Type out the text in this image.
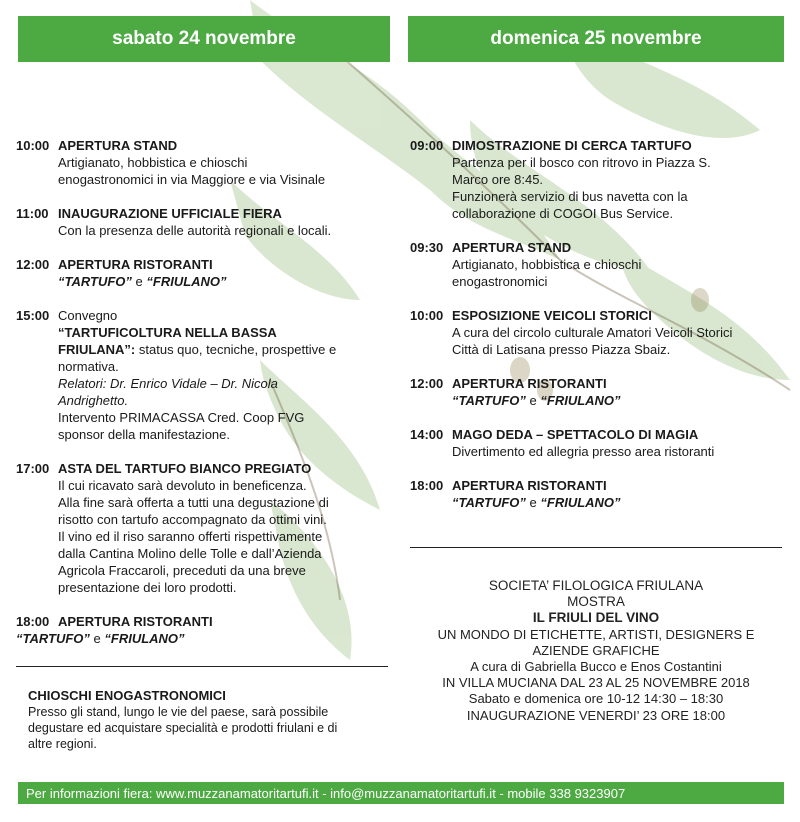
sabato 24 novembre	domenica 25 novembre
10:00 APERTURA STAND
Artigianato, hobbistica e chioschi
enogastronomici in via Maggiore e via Visinale
11:00 INAUGURAZIONE UFFICIALE FIERA
Con la presenza delle autorità regionali e locali.
12:00 APERTURA RISTORANTI
“TARTUFO” e “FRIULANO”
15:00 Convegno
“TARTUFICOLTURA NELLA BASSA
FRIULANA”: status quo, tecniche, prospettive e
normativa.
Relatori: Dr. Enrico Vidale – Dr. Nicola
Andrighetto.
Intervento PRIMACASSA Cred. Coop FVG
sponsor della manifestazione.
17:00 ASTA DEL TARTUFO BIANCO PREGIATO
Il cui ricavato sarà devoluto in beneficenza.
Alla fine sarà offerta a tutti una degustazione di
risotto con tartufo accompagnato da ottimi vini.
Il vino ed il riso saranno offerti rispettivamente
dalla Cantina Molino delle Tolle e dall’Azienda
Agricola Fraccaroli, preceduti da una breve
presentazione dei loro prodotti.
18:00 APERTURA RISTORANTI
“TARTUFO” e “FRIULANO”
CHIOSCHI ENOGASTRONOMICI
Presso gli stand, lungo le vie del paese, sarà possibile
degustare ed acquistare specialità e prodotti friulani e di
altre regioni.
09:00 DIMOSTRAZIONE DI CERCA TARTUFO
Partenza per il bosco con ritrovo in Piazza S.
Marco ore 8:45.
Funzionerà servizio di bus navetta con la
collaborazione di COGOI Bus Service.
09:30 APERTURA STAND
Artigianato, hobbistica e chioschi
enogastronomici
10:00 ESPOSIZIONE VEICOLI STORICI
A cura del circolo culturale Amatori Veicoli Storici
Città di Latisana presso Piazza Sbaiz.
12:00 APERTURA RISTORANTI
“TARTUFO” e “FRIULANO”
14:00 MAGO DEDA – SPETTACOLO DI MAGIA
Divertimento ed allegria presso area ristoranti
18:00 APERTURA RISTORANTI
“TARTUFO” e “FRIULANO”
SOCIETA’ FILOLOGICA FRIULANA
MOSTRA
IL FRIULI DEL VINO
UN MONDO DI ETICHETTE, ARTISTI, DESIGNERS E
AZIENDE GRAFICHE
A cura di Gabriella Bucco e Enos Costantini
IN VILLA MUCIANA DAL 23 AL 25 NOVEMBRE 2018
Sabato e domenica ore 10-12 14:30 – 18:30
INAUGURAZIONE VENERDI’ 23 ORE 18:00
Per informazioni fiera: www.muzzanamatoritartufi.it - info@muzzanamatoritartufi.it - mobile 338 9323907
